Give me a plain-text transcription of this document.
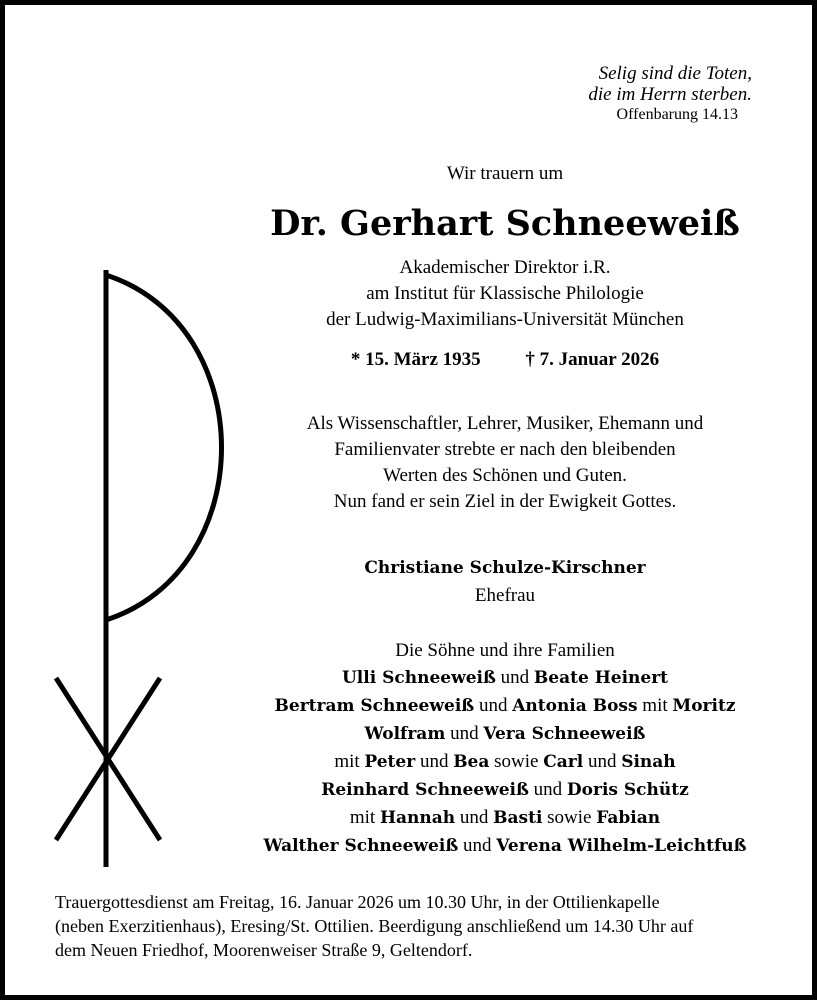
Selig sind die Toten,
die im Herrn sterben.
Offenbarung 14.13
Wir trauern um
Dr. Gerhart Schneeweiß
Akademischer Direktor i.R.
am Institut für Klassische Philologie
der Ludwig-Maximilians-Universität München
* 15. März 1935 † 7. Januar 2026
Als Wissenschaftler, Lehrer, Musiker, Ehemann und
Familienvater strebte er nach den bleibenden
Werten des Schönen und Guten.
Nun fand er sein Ziel in der Ewigkeit Gottes.
Christiane Schulze-Kirschner
Ehefrau
Die Söhne und ihre Familien
Ulli Schneeweiß und Beate Heinert
Bertram Schneeweiß und Antonia Boss mit Moritz
Wolfram und Vera Schneeweiß
mit Peter und Bea sowie Carl und Sinah
Reinhard Schneeweiß und Doris Schütz
mit Hannah und Basti sowie Fabian
Walther Schneeweiß und Verena Wilhelm-Leichtfuß
Trauergottesdienst am Freitag, 16. Januar 2026 um 10.30 Uhr, in der Ottilienkapelle
(neben Exerzitienhaus), Eresing/St. Ottilien. Beerdigung anschließend um 14.30 Uhr auf
dem Neuen Friedhof, Moorenweiser Straße 9, Geltendorf.
